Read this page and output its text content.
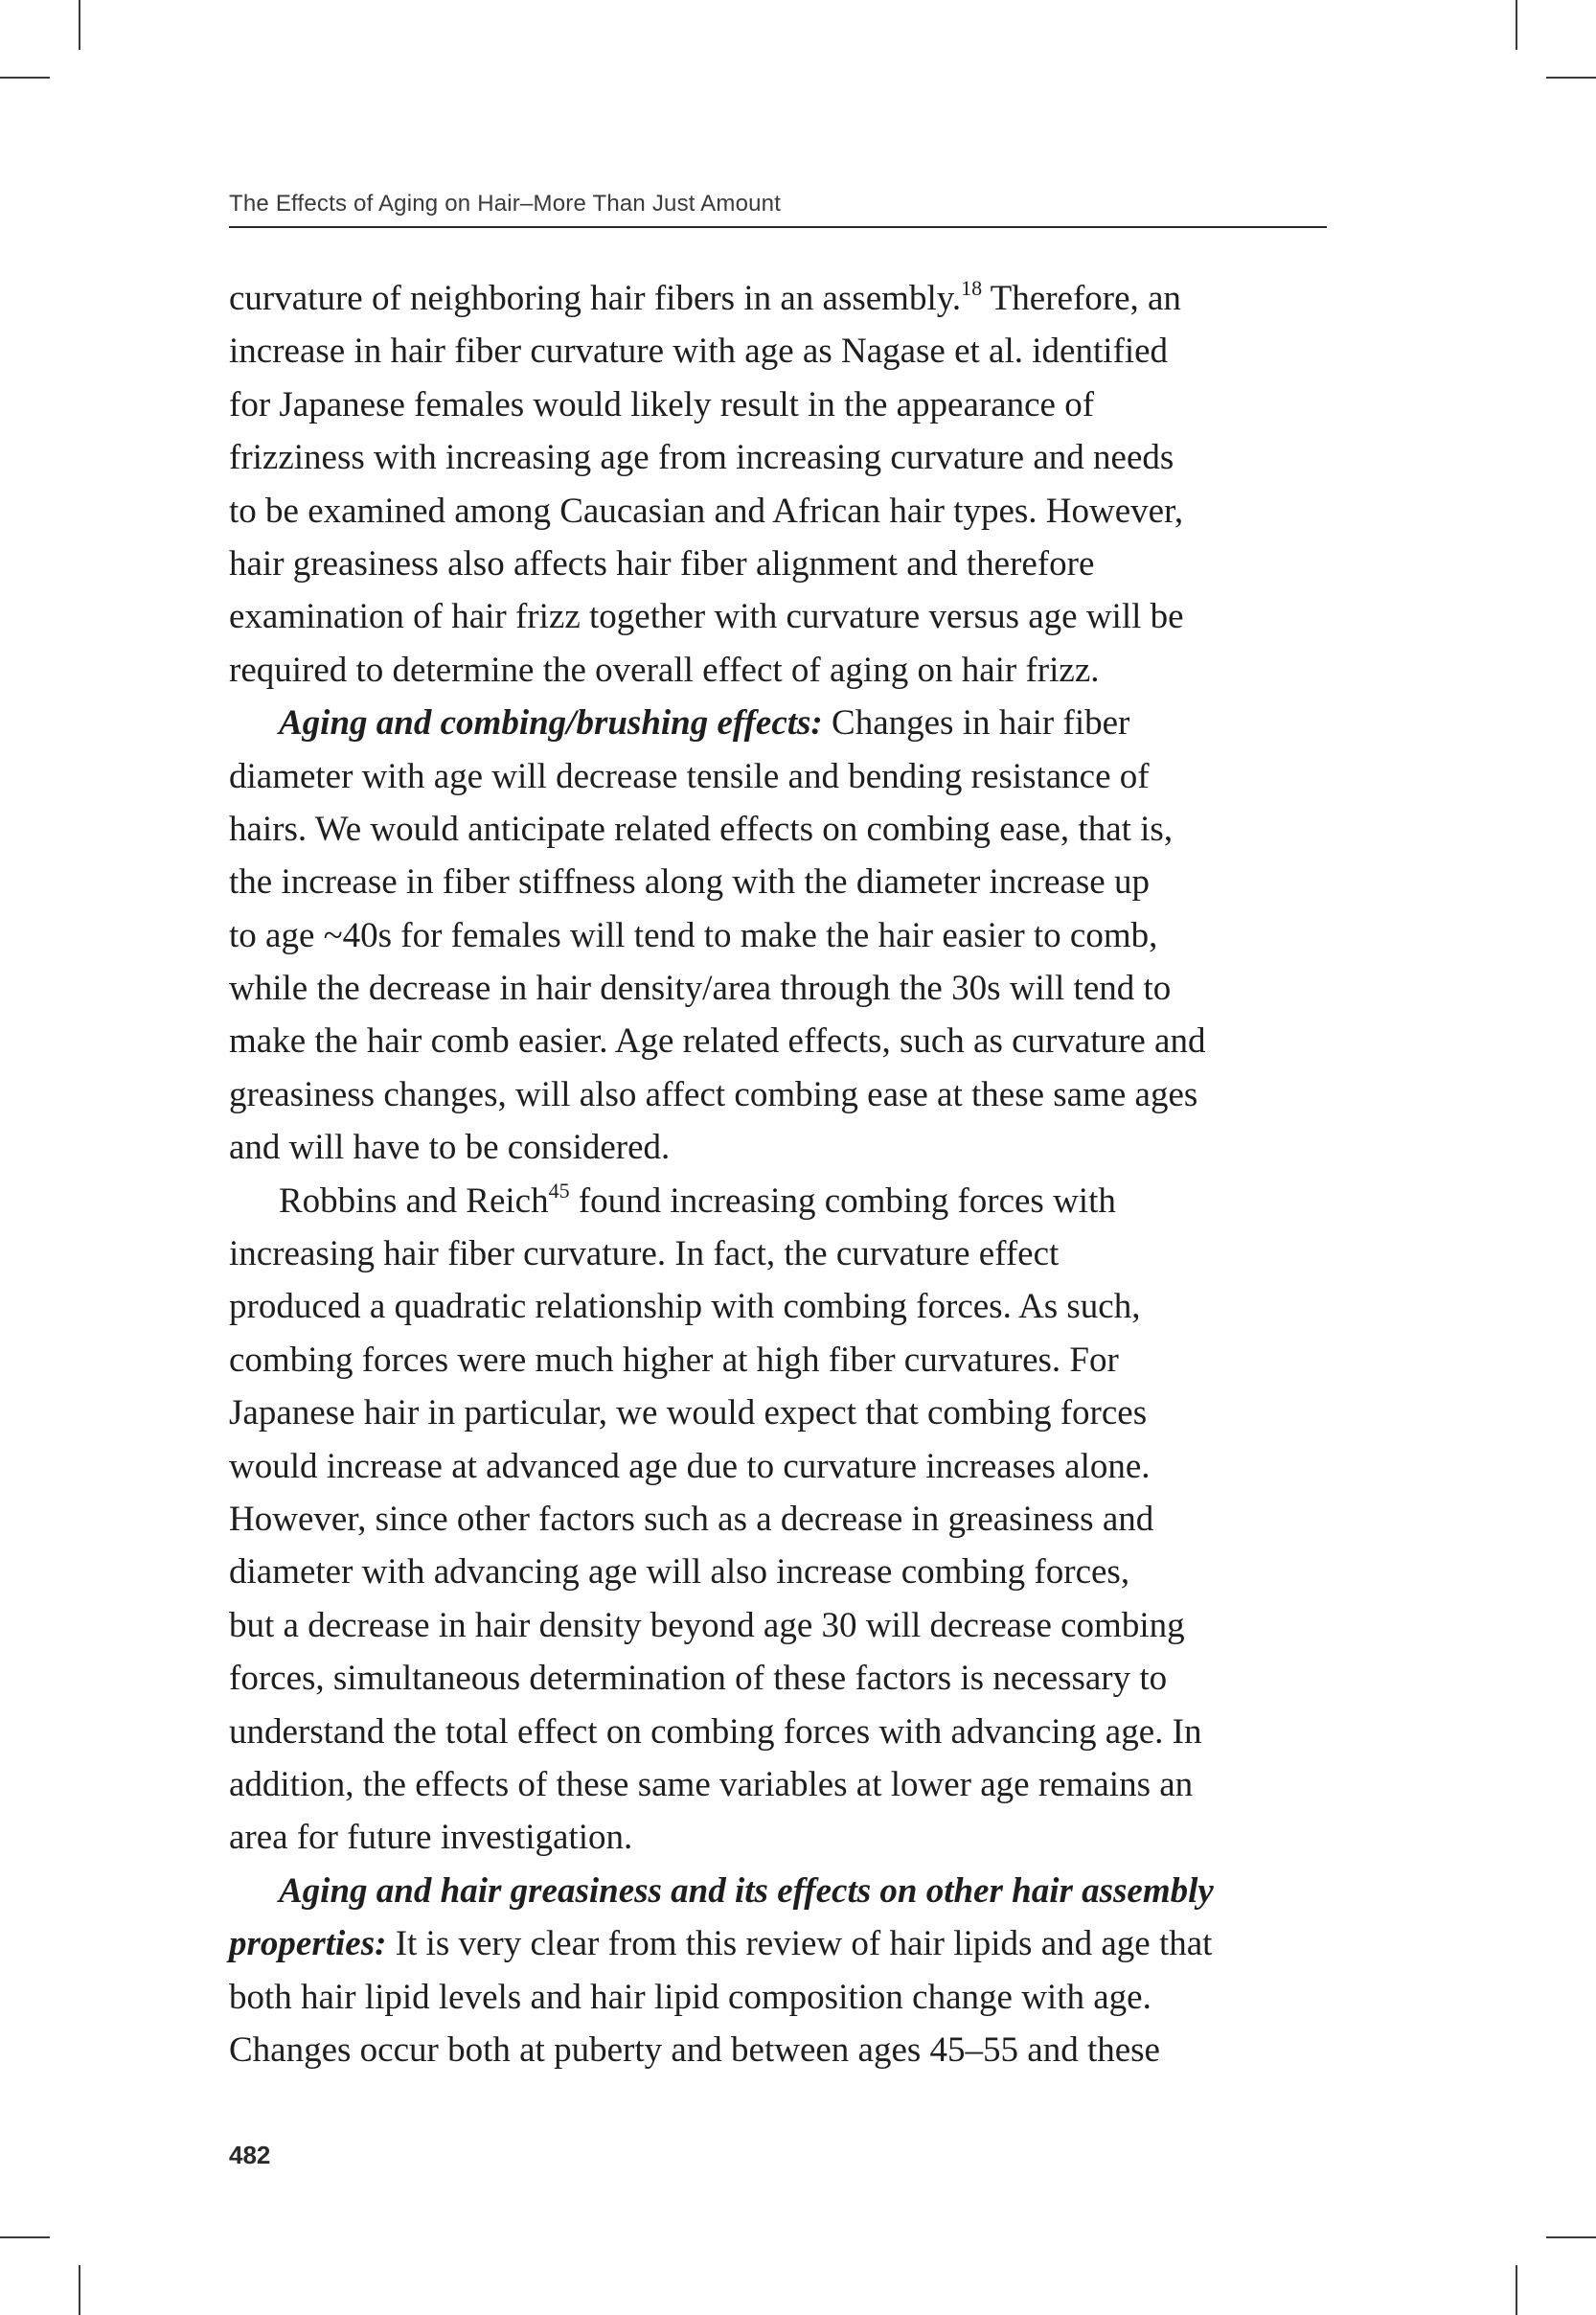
The Effects of Aging on Hair–More Than Just Amount
curvature of neighboring hair fibers in an assembly.$^{18}$ Therefore, an
increase in hair fiber curvature with age as Nagase et al. identified
for Japanese females would likely result in the appearance of
frizziness with increasing age from increasing curvature and needs
to be examined among Caucasian and African hair types. However,
hair greasiness also affects hair fiber alignment and therefore
examination of hair frizz together with curvature versus age will be
required to determine the overall effect of aging on hair frizz.
Aging and combing/brushing effects: Changes in hair fiber
diameter with age will decrease tensile and bending resistance of
hairs. We would anticipate related effects on combing ease, that is,
the increase in fiber stiffness along with the diameter increase up
to age ~40s for females will tend to make the hair easier to comb,
while the decrease in hair density/area through the 30s will tend to
make the hair comb easier. Age related effects, such as curvature and
greasiness changes, will also affect combing ease at these same ages
and will have to be considered.
Robbins and Reich$^{45}$ found increasing combing forces with
increasing hair fiber curvature. In fact, the curvature effect
produced a quadratic relationship with combing forces. As such,
combing forces were much higher at high fiber curvatures. For
Japanese hair in particular, we would expect that combing forces
would increase at advanced age due to curvature increases alone.
However, since other factors such as a decrease in greasiness and
diameter with advancing age will also increase combing forces,
but a decrease in hair density beyond age 30 will decrease combing
forces, simultaneous determination of these factors is necessary to
understand the total effect on combing forces with advancing age. In
addition, the effects of these same variables at lower age remains an
area for future investigation.
Aging and hair greasiness and its effects on other hair assembly
properties: It is very clear from this review of hair lipids and age that
both hair lipid levels and hair lipid composition change with age.
Changes occur both at puberty and between ages 45–55 and these
482
